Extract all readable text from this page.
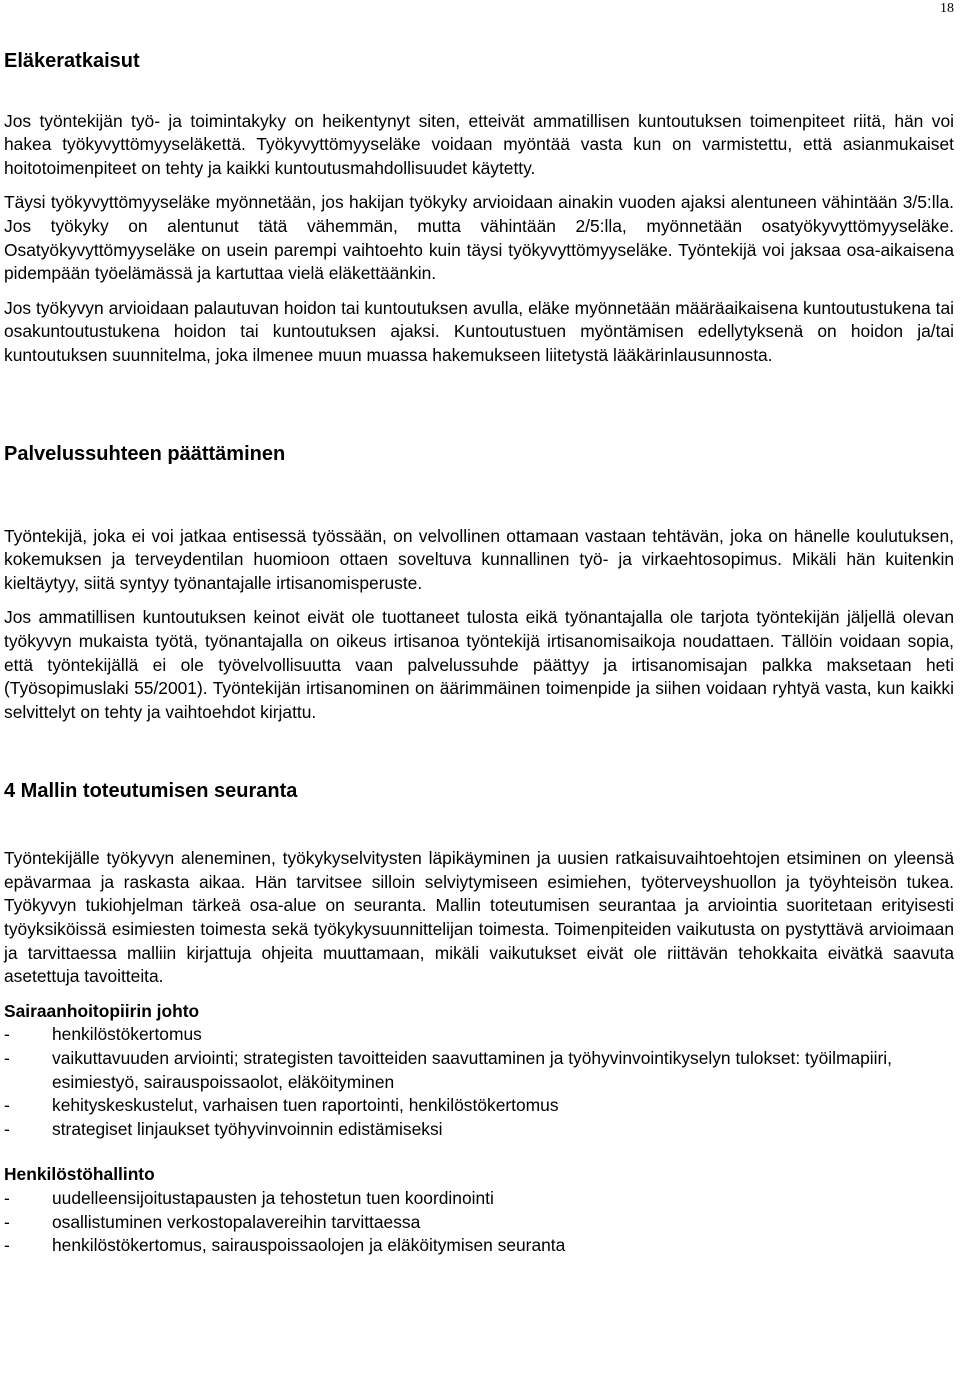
18
Eläkeratkaisut

Jos työntekijän työ- ja toimintakyky on heikentynyt siten, etteivät ammatillisen kuntoutuksen toimenpiteet riitä, hän voi hakea työkyvyttömyyseläkettä. Työkyvyttömyyseläke voidaan myöntää vasta kun on varmistettu, että asianmukaiset hoitotoimenpiteet on tehty ja kaikki kuntoutusmahdollisuudet käytetty.

Täysi työkyvyttömyyseläke myönnetään, jos hakijan työkyky arvioidaan ainakin vuoden ajaksi alentuneen vähintään 3/5:lla. Jos työkyky on alentunut tätä vähemmän, mutta vähintään 2/5:lla, myönnetään osatyökyvyttömyyseläke. Osatyökyvyttömyyseläke on usein parempi vaihtoehto kuin täysi työkyvyttömyyseläke. Työntekijä voi jaksaa osa-aikaisena pidempään työelämässä ja kartuttaa vielä eläkettäänkin.

Jos työkyvyn arvioidaan palautuvan hoidon tai kuntoutuksen avulla, eläke myönnetään määräaikaisena kuntoutustukena tai osakuntoutustukena hoidon tai kuntoutuksen ajaksi. Kuntoutustuen myöntämisen edellytyksenä on hoidon ja/tai kuntoutuksen suunnitelma, joka ilmenee muun muassa hakemukseen liitetystä lääkärinlausunnosta.

Palvelussuhteen päättäminen

Työntekijä, joka ei voi jatkaa entisessä työssään, on velvollinen ottamaan vastaan tehtävän, joka on hänelle koulutuksen, kokemuksen ja terveydentilan huomioon ottaen soveltuva kunnallinen työ- ja virkaehtosopimus. Mikäli hän kuitenkin kieltäytyy, siitä syntyy työnantajalle irtisanomisperuste.

Jos ammatillisen kuntoutuksen keinot eivät ole tuottaneet tulosta eikä työnantajalla ole tarjota työntekijän jäljellä olevan työkyvyn mukaista työtä, työnantajalla on oikeus irtisanoa työntekijä irtisanomisaikoja noudattaen. Tällöin voidaan sopia, että työntekijällä ei ole työvelvollisuutta vaan palvelussuhde päättyy ja irtisanomisajan palkka maksetaan heti (Työsopimuslaki 55/2001). Työntekijän irtisanominen on äärimmäinen toimenpide ja siihen voidaan ryhtyä vasta, kun kaikki selvittelyt on tehty ja vaihtoehdot kirjattu.

4 Mallin toteutumisen seuranta

Työntekijälle työkyvyn aleneminen, työkykyselvitysten läpikäyminen ja uusien ratkaisuvaihtoehtojen etsiminen on yleensä epävarmaa ja raskasta aikaa. Hän tarvitsee silloin selviytymiseen esimiehen, työterveyshuollon ja työyhteisön tukea. Työkyvyn tukiohjelman tärkeä osa-alue on seuranta. Mallin toteutumisen seurantaa ja arviointia suoritetaan erityisesti työyksiköissä esimiesten toimesta sekä työkykysuunnittelijan toimesta. Toimenpiteiden vaikutusta on pystyttävä arvioimaan ja tarvittaessa malliin kirjattuja ohjeita muuttamaan, mikäli vaikutukset eivät ole riittävän tehokkaita eivätkä saavuta asetettuja tavoitteita.

Sairaanhoitopiirin johto
- henkilöstökertomus
- vaikuttavuuden arviointi; strategisten tavoitteiden saavuttaminen ja työhyvinvointikyselyn tulokset: työilmapiiri, esimiestyö, sairauspoissaolot, eläköityminen
- kehityskeskustelut, varhaisen tuen raportointi, henkilöstökertomus
- strategiset linjaukset työhyvinvoinnin edistämiseksi
Henkilöstöhallinto
- uudelleensijoitustapausten ja tehostetun tuen koordinointi
- osallistuminen verkostopalavereihin tarvittaessa
- henkilöstökertomus, sairauspoissaolojen ja eläköitymisen seuranta
